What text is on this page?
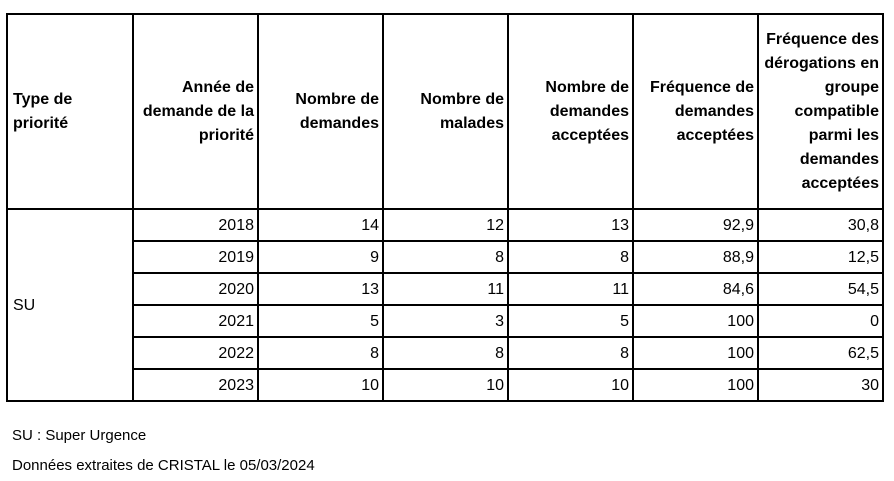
Type de priorité	Année de demande de la priorité	Nombre de demandes	Nombre de malades	Nombre de demandes acceptées	Fréquence de demandes acceptées	Fréquence des dérogations en groupe compatible parmi les demandes acceptées
SU	2018	14	12	13	92,9	30,8
	2019	9	8	8	88,9	12,5
	2020	13	11	11	84,6	54,5
	2021	5	3	5	100	0
	2022	8	8	8	100	62,5
	2023	10	10	10	100	30
SU : Super Urgence
Données extraites de CRISTAL le 05/03/2024
